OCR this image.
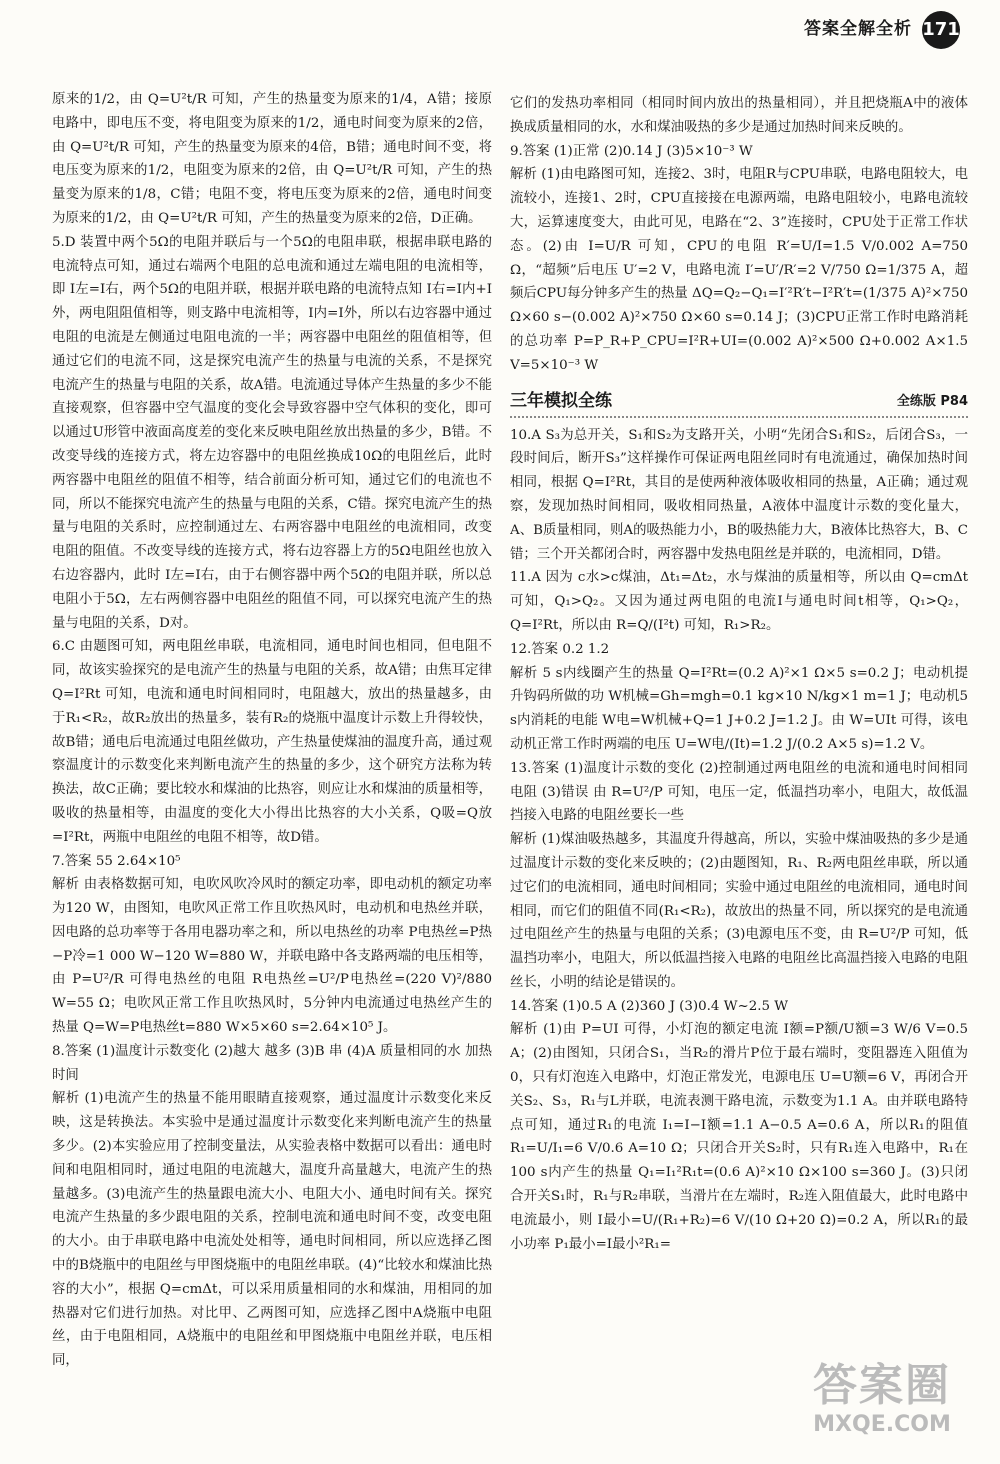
答案全解全析 171

原来的1/2，由 Q=U²t/R 可知，产生的热量变为原来的1/4，A错；接原电路中，即电压不变，将电阻变为原来的1/2，通电时间变为原来的2倍，由 Q=U²t/R 可知，产生的热量变为原来的4倍，B错；通电时间不变，将电压变为原来的1/2，电阻变为原来的2倍，由 Q=U²t/R 可知，产生的热量变为原来的1/8，C错；电阻不变，将电压变为原来的2倍，通电时间变为原来的1/2，由 Q=U²t/R 可知，产生的热量变为原来的2倍，D正确。

5.D 装置中两个5Ω的电阻并联后与一个5Ω的电阻串联，根据串联电路的电流特点可知，通过右端两个电阻的总电流和通过左端电阻的电流相等，即 I左=I右，两个5Ω的电阻并联，根据并联电路的电流特点知 I右=I内+I外，两电阻阻值相等，则支路中电流相等，I内=I外，所以右边容器中通过电阻的电流是左侧通过电阻电流的一半；两容器中电阻丝的阻值相等，但通过它们的电流不同，这是探究电流产生的热量与电流的关系，不是探究电流产生的热量与电阻的关系，故A错。电流通过导体产生热量的多少不能直接观察，但容器中空气温度的变化会导致容器中空气体积的变化，即可以通过U形管中液面高度差的变化来反映电阻丝放出热量的多少，B错。不改变导线的连接方式，将左边容器中的电阻丝换成10Ω的电阻丝后，此时两容器中电阻丝的阻值不相等，结合前面分析可知，通过它们的电流也不同，所以不能探究电流产生的热量与电阻的关系，C错。探究电流产生的热量与电阻的关系时，应控制通过左、右两容器中电阻丝的电流相同，改变电阻的阻值。不改变导线的连接方式，将右边容器上方的5Ω电阻丝也放入右边容器内，此时 I左=I右，由于右侧容器中两个5Ω的电阻并联，所以总电阻小于5Ω，左右两侧容器中电阻丝的阻值不同，可以探究电流产生的热量与电阻的关系，D对。

6.C 由题图可知，两电阻丝串联，电流相同，通电时间也相同，但电阻不同，故该实验探究的是电流产生的热量与电阻的关系，故A错；由焦耳定律 Q=I²Rt 可知，电流和通电时间相同时，电阻越大，放出的热量越多，由于R₁<R₂，故R₂放出的热量多，装有R₂的烧瓶中温度计示数上升得较快，故B错；通电后电流通过电阻丝做功，产生热量使煤油的温度升高，通过观察温度计的示数变化来判断电流产生的热量的多少，这个研究方法称为转换法，故C正确；要比较水和煤油的比热容，则应让水和煤油的质量相等，吸收的热量相等，由温度的变化大小得出比热容的大小关系，Q吸=Q放=I²Rt，两瓶中电阻丝的电阻不相等，故D错。

7.答案 55 2.64×10⁵

解析 由表格数据可知，电吹风吹冷风时的额定功率，即电动机的额定功率为120 W，由图知，电吹风正常工作且吹热风时，电动机和电热丝并联，因电路的总功率等于各用电器功率之和，所以电热丝的功率 P电热丝=P热−P冷=1 000 W−120 W=880 W，并联电路中各支路两端的电压相等，由 P=U²/R 可得电热丝的电阻 R电热丝=U²/P电热丝=(220 V)²/880 W=55 Ω；电吹风正常工作且吹热风时，5分钟内电流通过电热丝产生的热量 Q=W=P电热丝t=880 W×5×60 s=2.64×10⁵ J。

8.答案 (1)温度计示数变化 (2)越大 越多 (3)B 串 (4)A 质量相同的水 加热时间

解析 (1)电流产生的热量不能用眼睛直接观察，通过温度计示数变化来反映，这是转换法。本实验中是通过温度计示数变化来判断电流产生的热量多少。(2)本实验应用了控制变量法，从实验表格中数据可以看出：通电时间和电阻相同时，通过电阻的电流越大，温度升高量越大，电流产生的热量越多。(3)电流产生的热量跟电流大小、电阻大小、通电时间有关。探究电流产生热量的多少跟电阻的关系，控制电流和通电时间不变，改变电阻的大小。由于串联电路中电流处处相等，通电时间相同，所以应选择乙图中的B烧瓶中的电阻丝与甲图烧瓶中的电阻丝串联。(4)“比较水和煤油比热容的大小”，根据 Q=cmΔt，可以采用质量相同的水和煤油，用相同的加热器对它们进行加热。对比甲、乙两图可知，应选择乙图中A烧瓶中电阻丝，由于电阻相同，A烧瓶中的电阻丝和甲图烧瓶中电阻丝并联，电压相同，

它们的发热功率相同（相同时间内放出的热量相同），并且把烧瓶A中的液体换成质量相同的水，水和煤油吸热的多少是通过加热时间来反映的。

9.答案 (1)正常 (2)0.14 J (3)5×10⁻³ W

解析 (1)由电路图可知，连接2、3时，电阻R与CPU串联，电路电阻较大，电流较小，连接1、2时，CPU直接接在电源两端，电路电阻较小，电路电流较大，运算速度变大，由此可见，电路在“2、3”连接时，CPU处于正常工作状态。(2)由 I=U/R 可知，CPU的电阻 R′=U/I=1.5 V/0.002 A=750 Ω，“超频”后电压 U′=2 V，电路电流 I′=U′/R′=2 V/750 Ω=1/375 A，超频后CPU每分钟多产生的热量 ΔQ=Q₂−Q₁=I′²R′t−I²R′t=(1/375 A)²×750 Ω×60 s−(0.002 A)²×750 Ω×60 s=0.14 J；(3)CPU正常工作时电路消耗的总功率 P=P_R+P_CPU=I²R+UI=(0.002 A)²×500 Ω+0.002 A×1.5 V=5×10⁻³ W

三年模拟全练	全练版 P84

10.A S₃为总开关，S₁和S₂为支路开关，小明“先闭合S₁和S₂，后闭合S₃，一段时间后，断开S₃”这样操作可保证两电阻丝同时有电流通过，确保加热时间相同，根据 Q=I²Rt，其目的是使两种液体吸收相同的热量，A正确；通过观察，发现加热时间相同，吸收相同热量，A液体中温度计示数的变化量大，A、B质量相同，则A的吸热能力小，B的吸热能力大，B液体比热容大，B、C错；三个开关都闭合时，两容器中发热电阻丝是并联的，电流相同，D错。

11.A 因为 c水>c煤油，Δt₁=Δt₂，水与煤油的质量相等，所以由 Q=cmΔt 可知，Q₁>Q₂。又因为通过两电阻的电流I与通电时间t相等，Q₁>Q₂，Q=I²Rt，所以由 R=Q/(I²t) 可知，R₁>R₂。

12.答案 0.2 1.2

解析 5 s内线圈产生的热量 Q=I²Rt=(0.2 A)²×1 Ω×5 s=0.2 J；电动机提升钩码所做的功 W机械=Gh=mgh=0.1 kg×10 N/kg×1 m=1 J；电动机5 s内消耗的电能 W电=W机械+Q=1 J+0.2 J=1.2 J。由 W=UIt 可得，该电动机正常工作时两端的电压 U=W电/(It)=1.2 J/(0.2 A×5 s)=1.2 V。

13.答案 (1)温度计示数的变化 (2)控制通过两电阻丝的电流和通电时间相同 电阻 (3)错误 由 R=U²/P 可知，电压一定，低温挡功率小，电阻大，故低温挡接入电路的电阻丝要长一些

解析 (1)煤油吸热越多，其温度升得越高，所以，实验中煤油吸热的多少是通过温度计示数的变化来反映的；(2)由题图知，R₁、R₂两电阻丝串联，所以通过它们的电流相同，通电时间相同；实验中通过电阻丝的电流相同，通电时间相同，而它们的阻值不同(R₁<R₂)，故放出的热量不同，所以探究的是电流通过电阻丝产生的热量与电阻的关系；(3)电源电压不变，由 R=U²/P 可知，低温挡功率小，电阻大，所以低温挡接入电路的电阻丝比高温挡接入电路的电阻丝长，小明的结论是错误的。

14.答案 (1)0.5 A (2)360 J (3)0.4 W~2.5 W

解析 (1)由 P=UI 可得，小灯泡的额定电流 I额=P额/U额=3 W/6 V=0.5 A；(2)由图知，只闭合S₁，当R₂的滑片P位于最右端时，变阻器连入阻值为0，只有灯泡连入电路中，灯泡正常发光，电源电压 U=U额=6 V，再闭合开关S₂、S₃，R₁与L并联，电流表测干路电流，示数变为1.1 A。由并联电路特点可知，通过R₁的电流 I₁=I−I额=1.1 A−0.5 A=0.6 A，所以R₁的阻值 R₁=U/I₁=6 V/0.6 A=10 Ω；只闭合开关S₂时，只有R₁连入电路中，R₁在100 s内产生的热量 Q₁=I₁²R₁t=(0.6 A)²×10 Ω×100 s=360 J。(3)只闭合开关S₁时，R₁与R₂串联，当滑片在左端时，R₂连入阻值最大，此时电路中电流最小，则 I最小=U/(R₁+R₂)=6 V/(10 Ω+20 Ω)=0.2 A，所以R₁的最小功率 P₁最小=I最小²R₁=

答案圈
MXQE.COM
